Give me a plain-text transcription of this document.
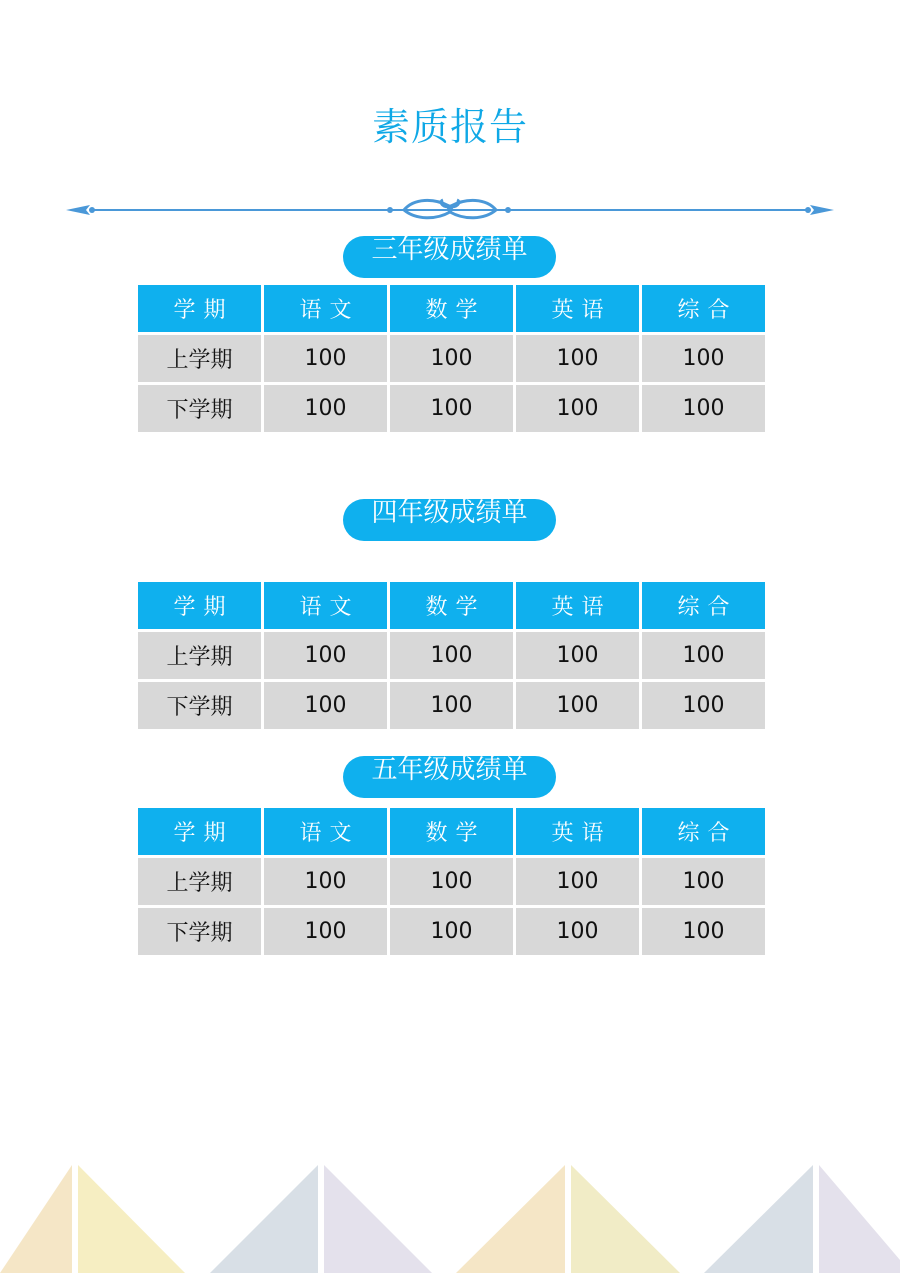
素质报告
三年级成绩单
学期	语文	数学	英语	综合
上学期	100	100	100	100
下学期	100	100	100	100
四年级成绩单
学期	语文	数学	英语	综合
上学期	100	100	100	100
下学期	100	100	100	100
五年级成绩单
学期	语文	数学	英语	综合
上学期	100	100	100	100
下学期	100	100	100	100
